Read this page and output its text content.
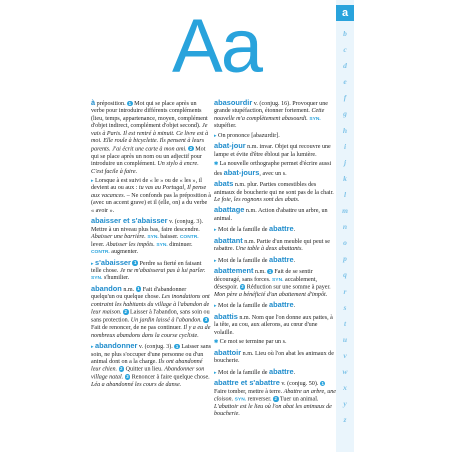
Aa

à préposition. 1 Mot qui se place après un verbe pour introduire différents compléments (lieu, temps, appartenance, moyen, complément d'objet indirect, complément d'objet second). Je vais à Paris. Il est rentré à minuit. Ce livre est à moi. Elle roule à bicyclette. Ils pensent à leurs parents. J'ai écrit une carte à mon ami. 2 Mot qui se place après un nom ou un adjectif pour introduire un complément. Un stylo à encre. C'est facile à faire.

▸ Lorsque à est suivi de « le » ou de « les », il devient au ou aux : tu vas au Portugal, Il pense aux vacances. – Ne confonds pas la préposition à (avec un accent grave) et il (elle, on) a du verbe « avoir ».

abaisser et s'abaisser v. (conjug. 3). Mettre à un niveau plus bas, faire descendre. Abaisser une barrière. SYN. baisser. CONTR. lever. Abaisser les impôts. SYN. diminuer. CONTR. augmenter.

▸ s'abaisser 1 Perdre sa fierté en faisant telle chose. Je ne m'abaisserai pas à lui parler. SYN. s'humilier.

abandon n.m. 1 Fait d'abandonner quelqu'un ou quelque chose. Les inondations ont contraint les habitants du village à l'abandon de leur maison. 2 Laisser à l'abandon, sans soin ou sans protection. Un jardin laissé à l'abandon. 3 Fait de renoncer, de ne pas continuer. Il y a eu de nombreux abandons dans la course cycliste.

▸ abandonner v. (conjug. 3). 1 Laisser sans soin, ne plus s'occuper d'une personne ou d'un animal dont on a la charge. Ils ont abandonné leur chien. 2 Quitter un lieu. Abandonner son village natal. 3 Renoncer à faire quelque chose. Léa a abandonné les cours de danse.

abasourdir v. (conjug. 16). Provoquer une grande stupéfaction, étonner fortement. Cette nouvelle m'a complètement abasourdi. SYN. stupéfier.

▸ On prononce [abazurdir].

abat-jour n.m. invar. Objet qui recouvre une lampe et évite d'être ébloui par la lumière.

✱ La nouvelle orthographe permet d'écrire aussi des abat-jours, avec un s.

abats n.m. plur. Parties comestibles des animaux de boucherie qui ne sont pas de la chair. Le foie, les rognons sont des abats.

abattage n.m. Action d'abattre un arbre, un animal.

▸ Mot de la famille de abattre.

abattant n.m. Partie d'un meuble qui peut se rabattre. Une table à deux abattants.

▸ Mot de la famille de abattre.

abattement n.m. 1 Fait de se sentir découragé, sans forces. SYN. accablement, désespoir. 2 Réduction sur une somme à payer. Mon père a bénéficié d'un abattement d'impôt.

▸ Mot de la famille de abattre.

abattis n.m. Nom que l'on donne aux pattes, à la tête, au cou, aux ailerons, au cœur d'une volaille.

✱ Ce mot se termine par un s.

abattoir n.m. Lieu où l'on abat les animaux de boucherie.

▸ Mot de la famille de abattre.

abattre et s'abattre v. (conjug. 50). 1 Faire tomber, mettre à terre. Abattre un arbre, une cloison. SYN. renverser. 2 Tuer un animal. L'abattoir est le lieu où l'on abat les animaux de boucherie.

a
b
c
d
e
f
g
h
i
j
k
l
m
n
o
p
q
r
s
t
u
v
w
x
y
z
